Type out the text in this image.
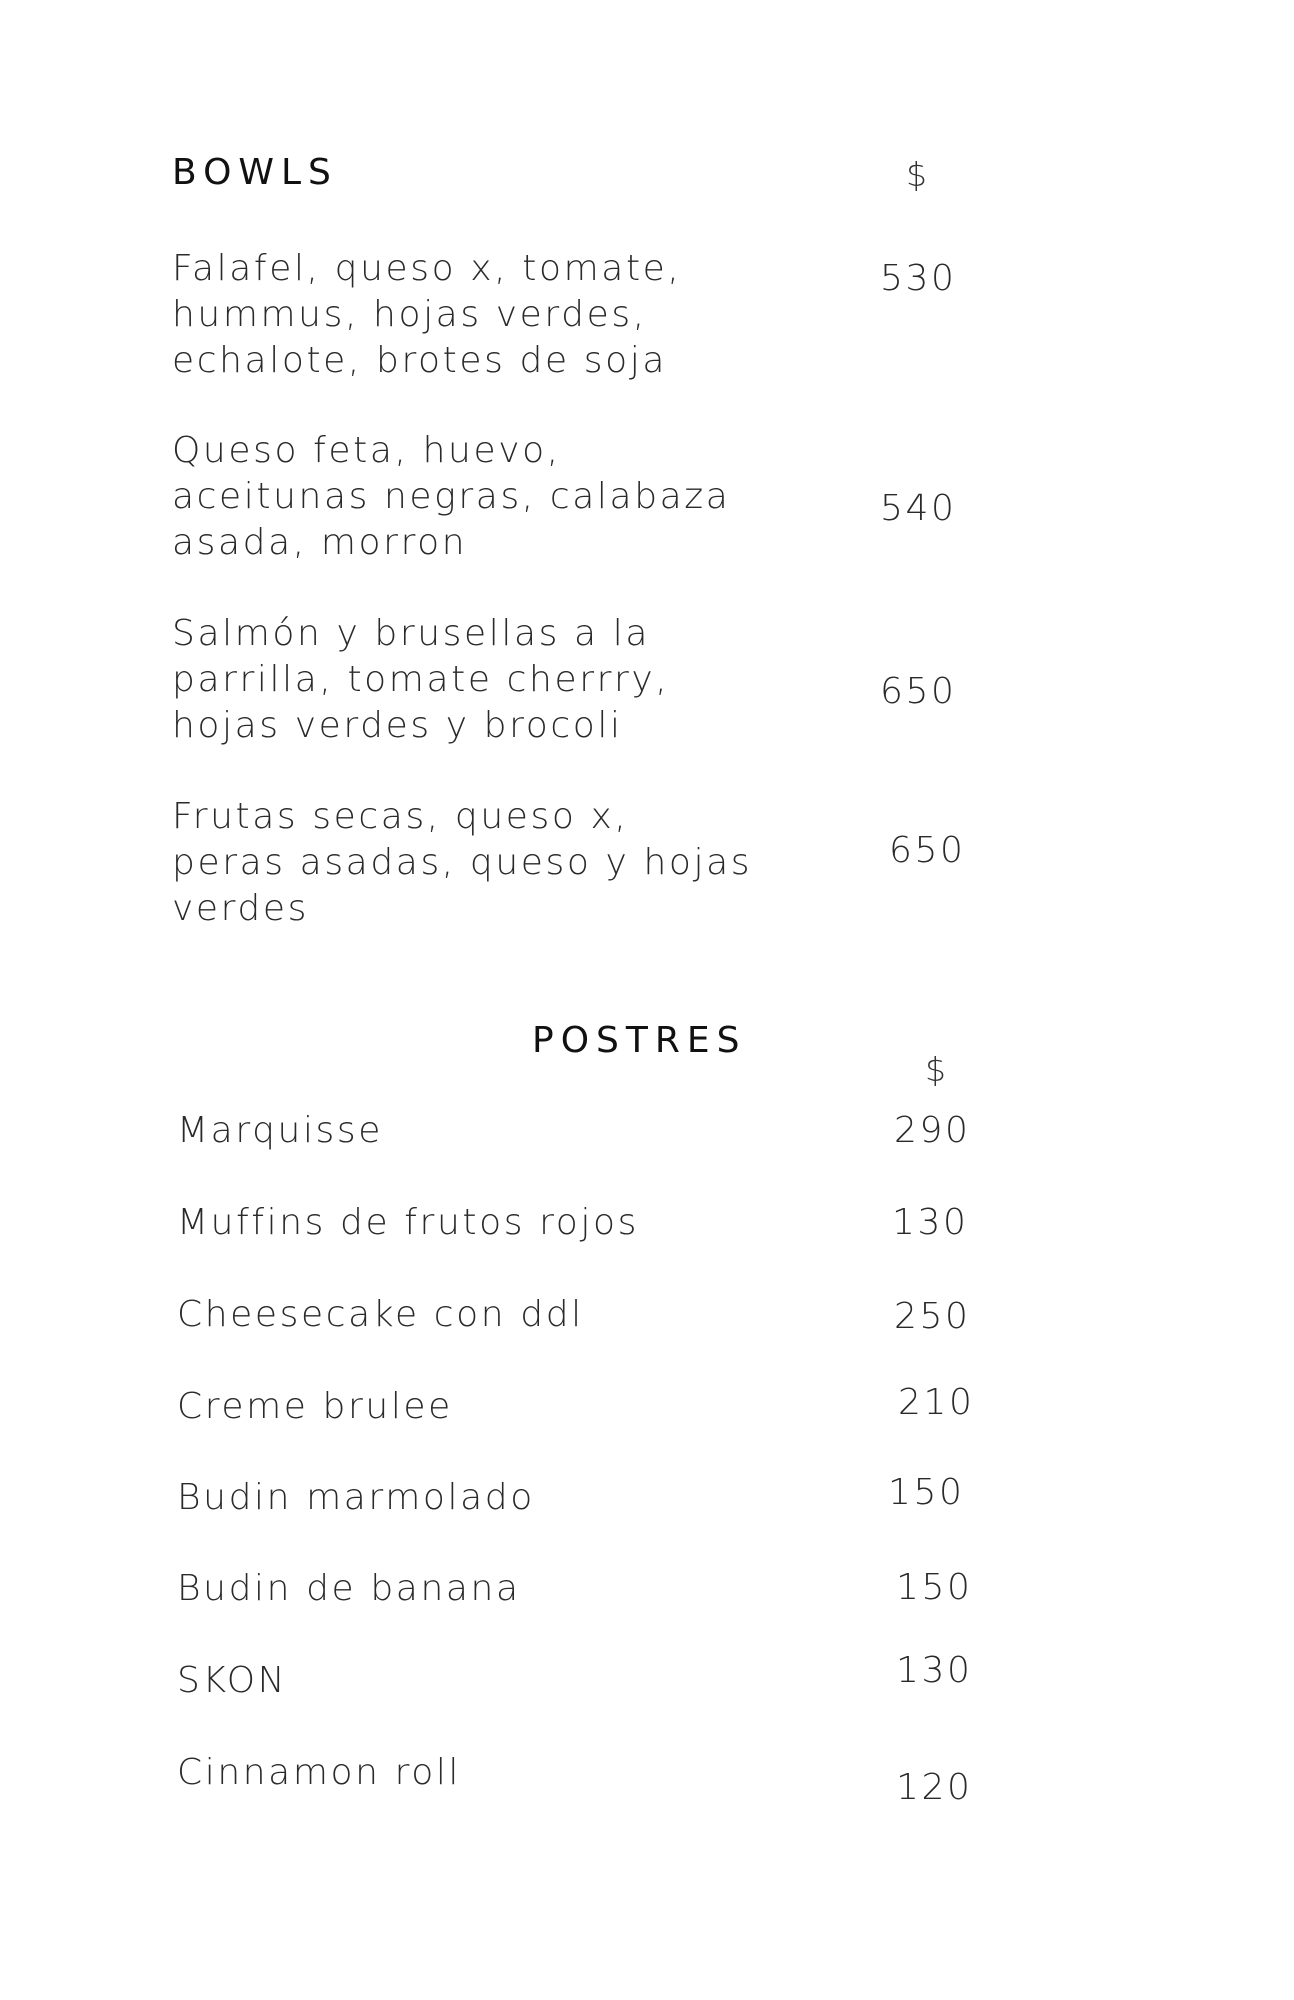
BOWLS	$
Falafel, queso x, tomate,
hummus, hojas verdes,
echalote, brotes de soja
530
Queso feta, huevo,
aceitunas negras, calabaza
asada, morron
540
Salmón y brusellas a la
parrilla, tomate cherrry,
hojas verdes y brocoli
650
Frutas secas, queso x,
peras asadas, queso y hojas
verdes
650
POSTRES
$
Marquisse	290
Muffins de frutos rojos	130
Cheesecake con ddl	250
Creme brulee	210
Budin marmolado	150
Budin de banana	150
SKON	130
Cinnamon roll	120
